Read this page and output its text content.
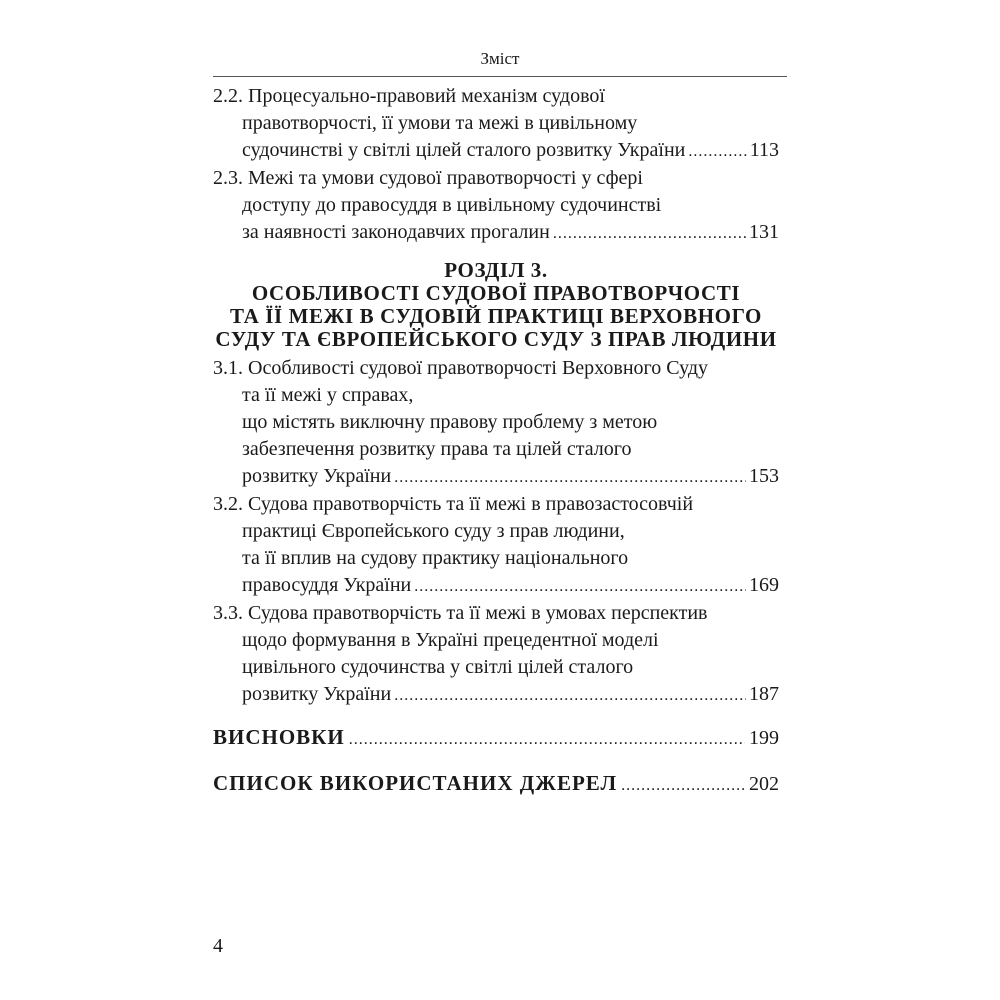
Зміст
2.2. Процесуально-правовий механізм судової
правотворчості, її умови та межі в цивільному
судочинстві у світлі цілей сталого розвитку України .....	113
2.3. Межі та умови судової правотворчості у сфері
доступу до правосуддя в цивільному судочинстві
за наявності законодавчих прогалин .....	131
РОЗДІЛ 3.
ОСОБЛИВОСТІ СУДОВОЇ ПРАВОТВОРЧОСТІ
ТА ЇЇ МЕЖІ В СУДОВІЙ ПРАКТИЦІ ВЕРХОВНОГО
СУДУ ТА ЄВРОПЕЙСЬКОГО СУДУ З ПРАВ ЛЮДИНИ
3.1. Особливості судової правотворчості Верховного Суду
та її межі у справах,
що містять виключну правову проблему з метою
забезпечення розвитку права та цілей сталого
розвитку України .....	153
3.2. Судова правотворчість та її межі в правозастосовчій
практиці Європейського суду з прав людини,
та її вплив на судову практику національного
правосуддя України .....	169
3.3. Судова правотворчість та її межі в умовах перспектив
щодо формування в Україні прецедентної моделі
цивільного судочинства у світлі цілей сталого
розвитку України .....	187
ВИСНОВКИ .....	199
СПИСОК ВИКОРИСТАНИХ ДЖЕРЕЛ .....	202
4
